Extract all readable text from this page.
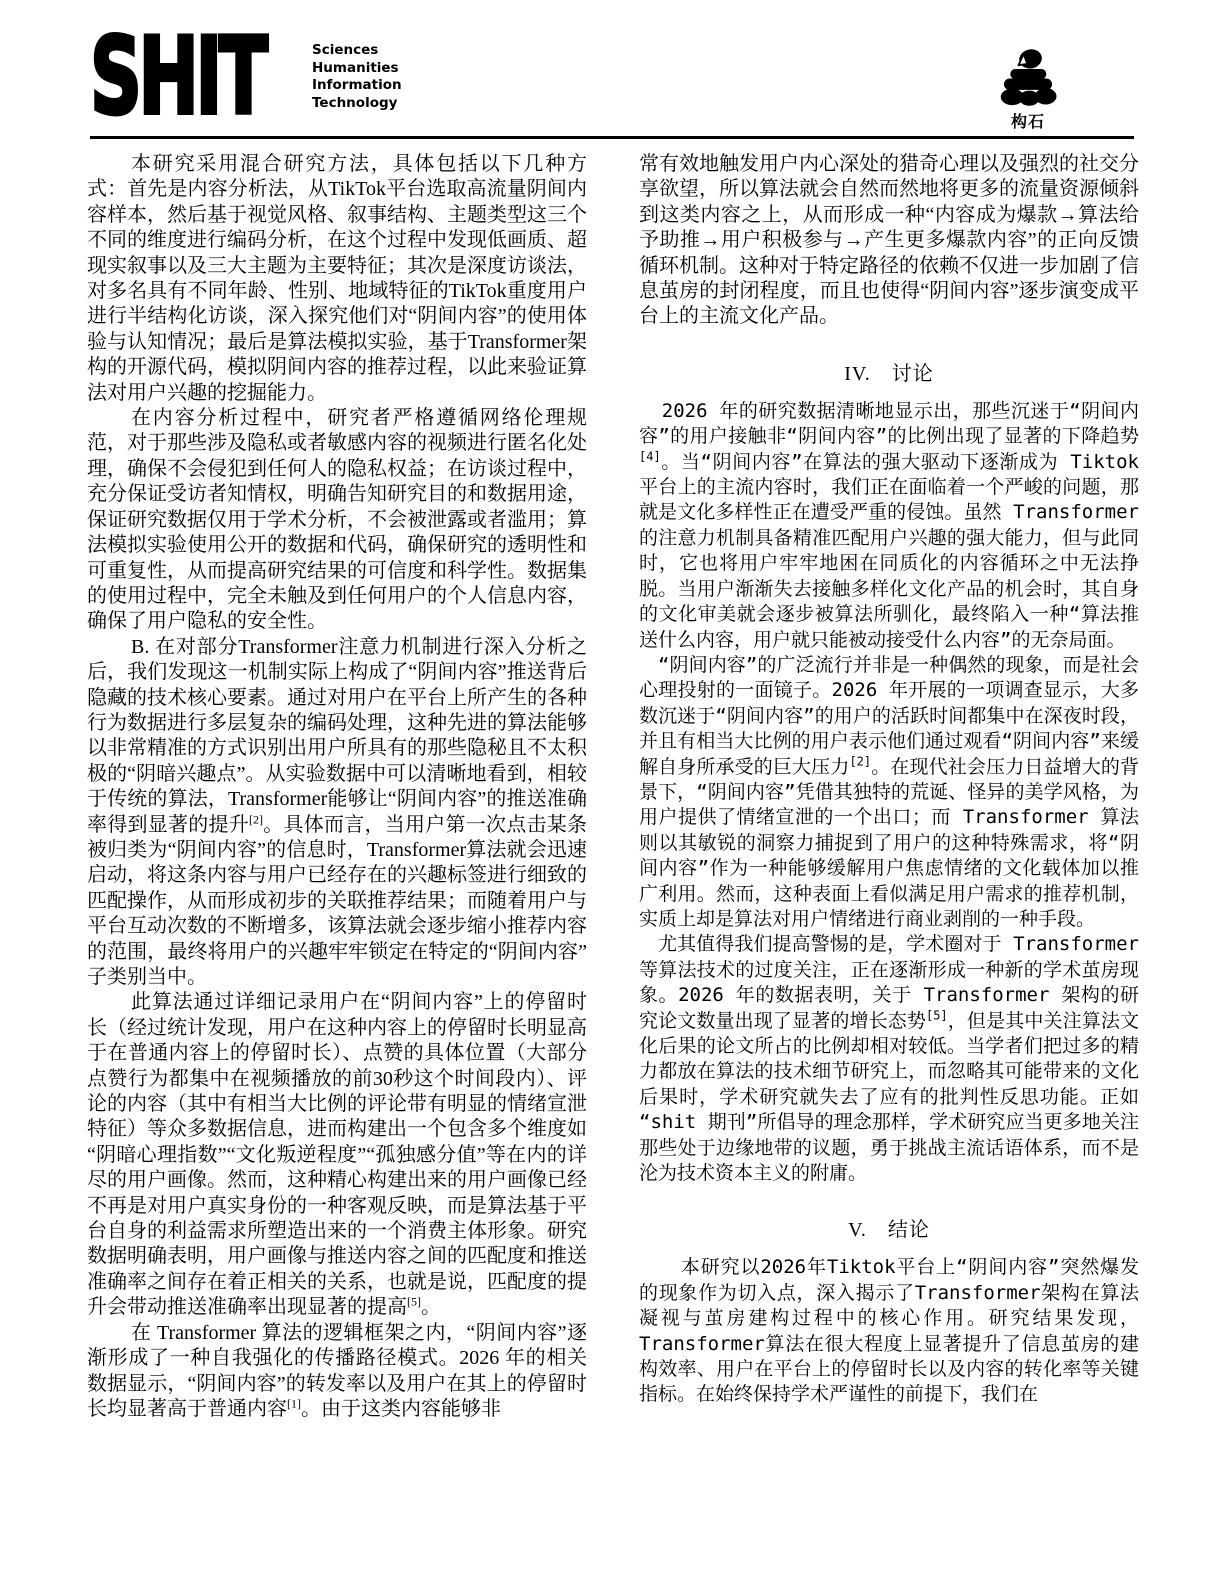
SHIT	Sciences
Humanities
Information
Technology
构石

本研究采用混合研究方法，具体包括以下几种方式：首先是内容分析法，从TikTok平台选取高流量阴间内容样本，然后基于视觉风格、叙事结构、主题类型这三个不同的维度进行编码分析，在这个过程中发现低画质、超现实叙事以及三大主题为主要特征；其次是深度访谈法，对多名具有不同年龄、性别、地域特征的TikTok重度用户进行半结构化访谈，深入探究他们对“阴间内容”的使用体验与认知情况；最后是算法模拟实验，基于Transformer架构的开源代码，模拟阴间内容的推荐过程，以此来验证算法对用户兴趣的挖掘能力。

在内容分析过程中，研究者严格遵循网络伦理规范，对于那些涉及隐私或者敏感内容的视频进行匿名化处理，确保不会侵犯到任何人的隐私权益；在访谈过程中，充分保证受访者知情权，明确告知研究目的和数据用途，保证研究数据仅用于学术分析，不会被泄露或者滥用；算法模拟实验使用公开的数据和代码，确保研究的透明性和可重复性，从而提高研究结果的可信度和科学性。数据集的使用过程中，完全未触及到任何用户的个人信息内容，确保了用户隐私的安全性。

B. 在对部分Transformer注意力机制进行深入分析之后，我们发现这一机制实际上构成了“阴间内容”推送背后隐藏的技术核心要素。通过对用户在平台上所产生的各种行为数据进行多层复杂的编码处理，这种先进的算法能够以非常精准的方式识别出用户所具有的那些隐秘且不太积极的“阴暗兴趣点”。从实验数据中可以清晰地看到，相较于传统的算法，Transformer能够让“阴间内容”的推送准确率得到显著的提升[2]。具体而言，当用户第一次点击某条被归类为“阴间内容”的信息时，Transformer算法就会迅速启动，将这条内容与用户已经存在的兴趣标签进行细致的匹配操作，从而形成初步的关联推荐结果；而随着用户与平台互动次数的不断增多，该算法就会逐步缩小推荐内容的范围，最终将用户的兴趣牢牢锁定在特定的“阴间内容”子类别当中。

此算法通过详细记录用户在“阴间内容”上的停留时长（经过统计发现，用户在这种内容上的停留时长明显高于在普通内容上的停留时长）、点赞的具体位置（大部分点赞行为都集中在视频播放的前30秒这个时间段内）、评论的内容（其中有相当大比例的评论带有明显的情绪宣泄特征）等众多数据信息，进而构建出一个包含多个维度如“阴暗心理指数”“文化叛逆程度”“孤独感分值”等在内的详尽的用户画像。然而，这种精心构建出来的用户画像已经不再是对用户真实身份的一种客观反映，而是算法基于平台自身的利益需求所塑造出来的一个消费主体形象。研究数据明确表明，用户画像与推送内容之间的匹配度和推送准确率之间存在着正相关的关系，也就是说，匹配度的提升会带动推送准确率出现显著的提高[5]。

在 Transformer 算法的逻辑框架之内，“阴间内容”逐渐形成了一种自我强化的传播路径模式。2026 年的相关数据显示，“阴间内容”的转发率以及用户在其上的停留时长均显著高于普通内容[1]。由于这类内容能够非

常有效地触发用户内心深处的猎奇心理以及强烈的社交分享欲望，所以算法就会自然而然地将更多的流量资源倾斜到这类内容之上，从而形成一种“内容成为爆款→算法给予助推→用户积极参与→产生更多爆款内容”的正向反馈循环机制。这种对于特定路径的依赖不仅进一步加剧了信息茧房的封闭程度，而且也使得“阴间内容”逐步演变成平台上的主流文化产品。

IV.　讨论

2026 年的研究数据清晰地显示出，那些沉迷于“阴间内容”的用户接触非“阴间内容”的比例出现了显著的下降趋势[4]。当“阴间内容”在算法的强大驱动下逐渐成为 Tiktok 平台上的主流内容时，我们正在面临着一个严峻的问题，那就是文化多样性正在遭受严重的侵蚀。虽然 Transformer 的注意力机制具备精准匹配用户兴趣的强大能力，但与此同时，它也将用户牢牢地困在同质化的内容循环之中无法挣脱。当用户渐渐失去接触多样化文化产品的机会时，其自身的文化审美就会逐步被算法所驯化，最终陷入一种“算法推送什么内容，用户就只能被动接受什么内容”的无奈局面。

“阴间内容”的广泛流行并非是一种偶然的现象，而是社会心理投射的一面镜子。2026 年开展的一项调查显示，大多数沉迷于“阴间内容”的用户的活跃时间都集中在深夜时段，并且有相当大比例的用户表示他们通过观看“阴间内容”来缓解自身所承受的巨大压力[2]。在现代社会压力日益增大的背景下，“阴间内容”凭借其独特的荒诞、怪异的美学风格，为用户提供了情绪宣泄的一个出口；而 Transformer 算法则以其敏锐的洞察力捕捉到了用户的这种特殊需求，将“阴间内容”作为一种能够缓解用户焦虑情绪的文化载体加以推广利用。然而，这种表面上看似满足用户需求的推荐机制，实质上却是算法对用户情绪进行商业剥削的一种手段。

尤其值得我们提高警惕的是，学术圈对于 Transformer 等算法技术的过度关注，正在逐渐形成一种新的学术茧房现象。2026 年的数据表明，关于 Transformer 架构的研究论文数量出现了显著的增长态势[5]，但是其中关注算法文化后果的论文所占的比例却相对较低。当学者们把过多的精力都放在算法的技术细节研究上，而忽略其可能带来的文化后果时，学术研究就失去了应有的批判性反思功能。正如“shit 期刊”所倡导的理念那样，学术研究应当更多地关注那些处于边缘地带的议题，勇于挑战主流话语体系，而不是沦为技术资本主义的附庸。

V.　结论

本研究以2026年Tiktok平台上“阴间内容”突然爆发的现象作为切入点，深入揭示了Transformer架构在算法凝视与茧房建构过程中的核心作用。研究结果发现，Transformer算法在很大程度上显著提升了信息茧房的建构效率、用户在平台上的停留时长以及内容的转化率等关键指标。在始终保持学术严谨性的前提下，我们在
